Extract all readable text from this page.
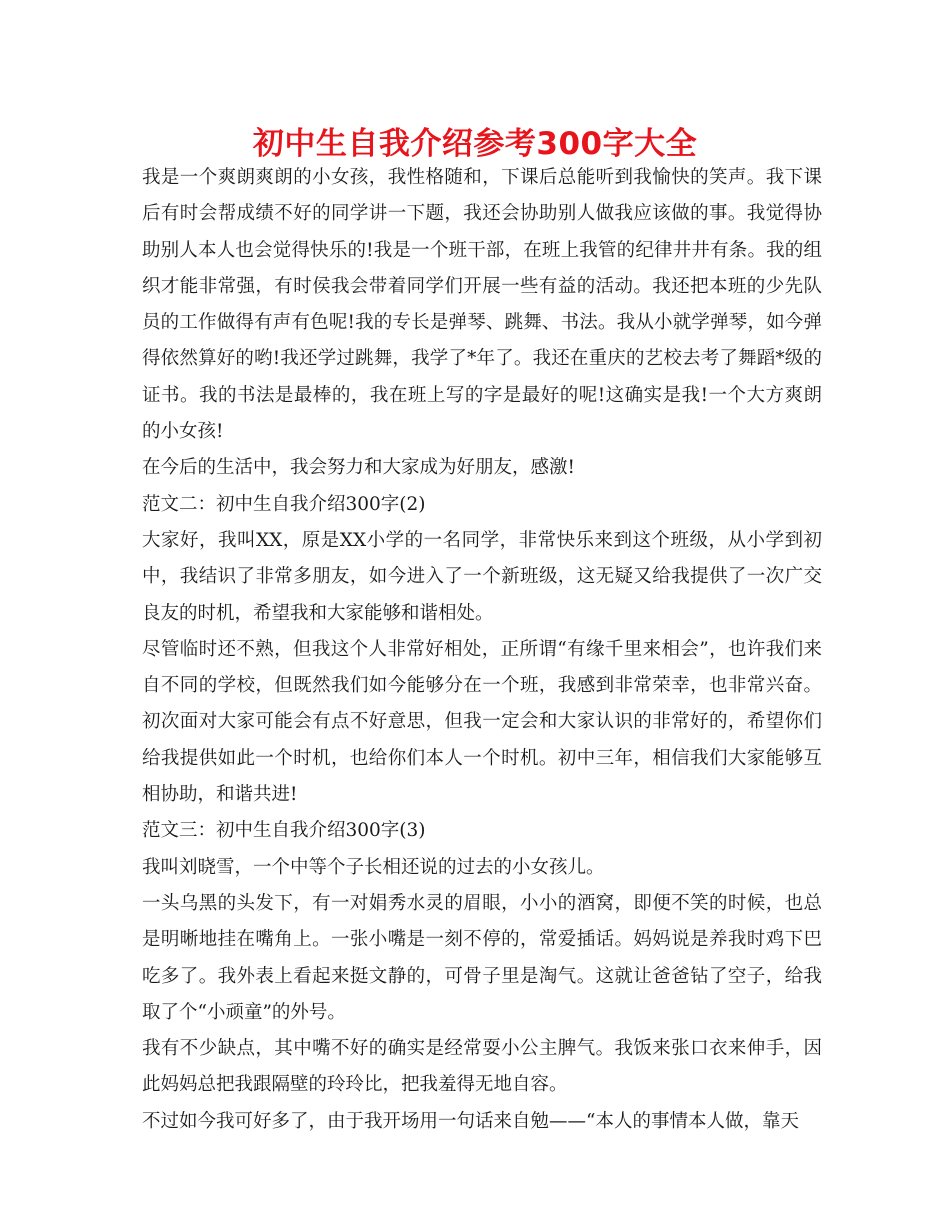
初中生自我介绍参考300字大全

我是一个爽朗爽朗的小女孩，我性格随和，下课后总能听到我愉快的笑声。我下课后有时会帮成绩不好的同学讲一下题，我还会协助别人做我应该做的事。我觉得协助别人本人也会觉得快乐的!我是一个班干部，在班上我管的纪律井井有条。我的组织才能非常强，有时侯我会带着同学们开展一些有益的活动。我还把本班的少先队员的工作做得有声有色呢!我的专长是弹琴、跳舞、书法。我从小就学弹琴，如今弹得依然算好的哟!我还学过跳舞，我学了*年了。我还在重庆的艺校去考了舞蹈*级的证书。我的书法是最棒的，我在班上写的字是最好的呢!这确实是我!一个大方爽朗的小女孩!

在今后的生活中，我会努力和大家成为好朋友，感激!

范文二：初中生自我介绍300字(2)

大家好，我叫XX，原是XX小学的一名同学，非常快乐来到这个班级，从小学到初中，我结识了非常多朋友，如今进入了一个新班级，这无疑又给我提供了一次广交良友的时机，希望我和大家能够和谐相处。

尽管临时还不熟，但我这个人非常好相处，正所谓“有缘千里来相会”，也许我们来自不同的学校，但既然我们如今能够分在一个班，我感到非常荣幸，也非常兴奋。初次面对大家可能会有点不好意思，但我一定会和大家认识的非常好的，希望你们给我提供如此一个时机，也给你们本人一个时机。初中三年，相信我们大家能够互相协助，和谐共进!

范文三：初中生自我介绍300字(3)

我叫刘晓雪，一个中等个子长相还说的过去的小女孩儿。

一头乌黑的头发下，有一对娟秀水灵的眉眼，小小的酒窝，即便不笑的时候，也总是明晰地挂在嘴角上。一张小嘴是一刻不停的，常爱插话。妈妈说是养我时鸡下巴吃多了。我外表上看起来挺文静的，可骨子里是淘气。这就让爸爸钻了空子，给我取了个“小顽童”的外号。

我有不少缺点，其中嘴不好的确实是经常耍小公主脾气。我饭来张口衣来伸手，因此妈妈总把我跟隔壁的玲玲比，把我羞得无地自容。

不过如今我可好多了，由于我开场用一句话来自勉——“本人的事情本人做，靠天
